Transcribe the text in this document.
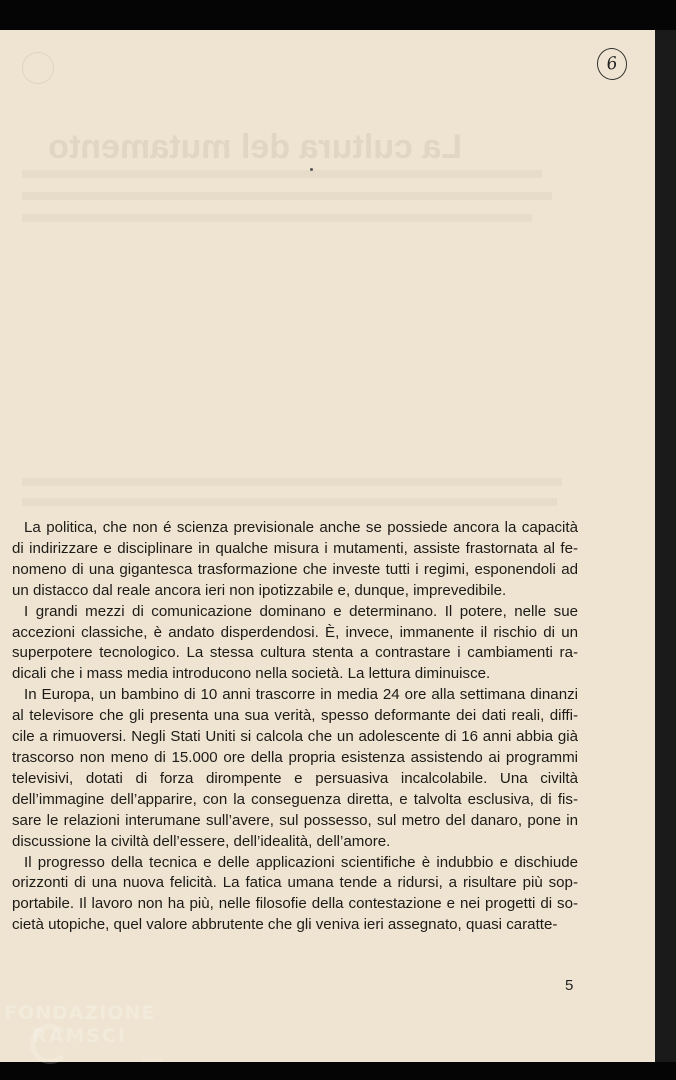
La cultura del mutamento
6

La politica, che non é scienza previsionale anche se possiede ancora la capacità di indirizzare e disciplinare in qualche misura i mutamenti, assiste frastornata al fenomeno di una gigantesca trasformazione che investe tutti i regimi, esponendoli ad un distacco dal reale ancora ieri non ipotizzabile e, dunque, imprevedibile.

I grandi mezzi di comunicazione dominano e determinano. Il potere, nelle sue accezioni classiche, è andato disperdendosi. È, invece, immanente il rischio di un superpotere tecnologico. La stessa cultura stenta a contrastare i cambiamenti radicali che i mass media introducono nella società. La lettura diminuisce.

In Europa, un bambino di 10 anni trascorre in media 24 ore alla settimana dinanzi al televisore che gli presenta una sua verità, spesso deformante dei dati reali, difficile a rimuoversi. Negli Stati Uniti si calcola che un adolescente di 16 anni abbia già trascorso non meno di 15.000 ore della propria esistenza assistendo ai programmi televisivi, dotati di forza dirompente e persuasiva incalcolabile. Una civiltà dell’immagine dell’apparire, con la conseguenza diretta, e talvolta esclusiva, di fissare le relazioni interumane sull’avere, sul possesso, sul metro del danaro, pone in discussione la civiltà dell’essere, dell’idealità, dell’amore.

Il progresso della tecnica e delle applicazioni scientifiche è indubbio e dischiude orizzonti di una nuova felicità. La fatica umana tende a ridursi, a risultare più sopportabile. Il lavoro non ha più, nelle filosofie della contestazione e nei progetti di società utopiche, quel valore abbrutente che gli veniva ieri assegnato, quasi caratte-

5
FONDAZIONE
RAMSCI
onlus
